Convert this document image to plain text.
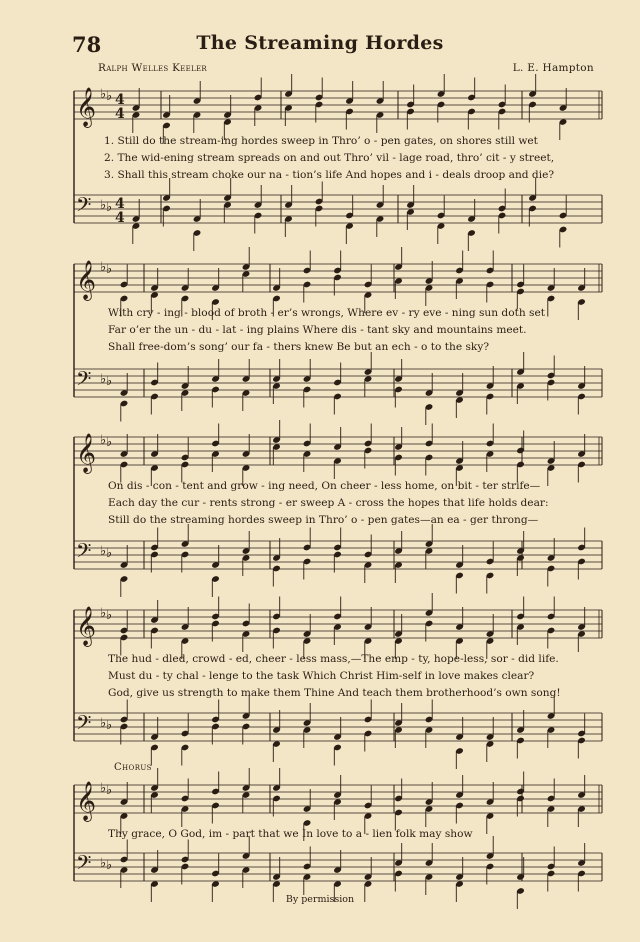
78	The Streaming Hordes
Ralph Welles Keeler	L. E. Hampton
𝄞 ♭ ♭ 4
4
𝄢 ♭ ♭ 4
4
𝄞 ♭ ♭
𝄢 ♭ ♭
𝄞 ♭ ♭
𝄢 ♭ ♭
𝄞 ♭ ♭
𝄢 ♭ ♭
𝄞 ♭ ♭
𝄢 ♭ ♭
1. Still do the stream-ing hordes sweep in Thro’ o - pen gates, on shores still wet
2. The wid-ening stream spreads on and out Thro’ vil - lage road, thro’ cit - y street,
3. Shall this stream choke our na - tion’s life And hopes and i - deals droop and die?
With cry - ing - blood of broth - er’s wrongs, Where ev - ry eve - ning sun doth set
Far o’er the un - du - lat - ing plains Where dis - tant sky and mountains meet.
Shall free-dom’s song’ our fa - thers knew Be but an ech - o to the sky?
On dis - con - tent and grow - ing need, On cheer - less home, on bit - ter strife—
Each day the cur - rents strong - er sweep A - cross the hopes that life holds dear:
Still do the streaming hordes sweep in Thro’ o - pen gates—an ea - ger throng—
The hud - dled, crowd - ed, cheer - less mass,—The emp - ty, hope-less, sor - did life.
Must du - ty chal - lenge to the task Which Christ Him-self in love makes clear?
God, give us strength to make them Thine And teach them brotherhood’s own song!
Chorus
Thy grace, O God, im - part that we In love to a - lien folk may show
By permission
